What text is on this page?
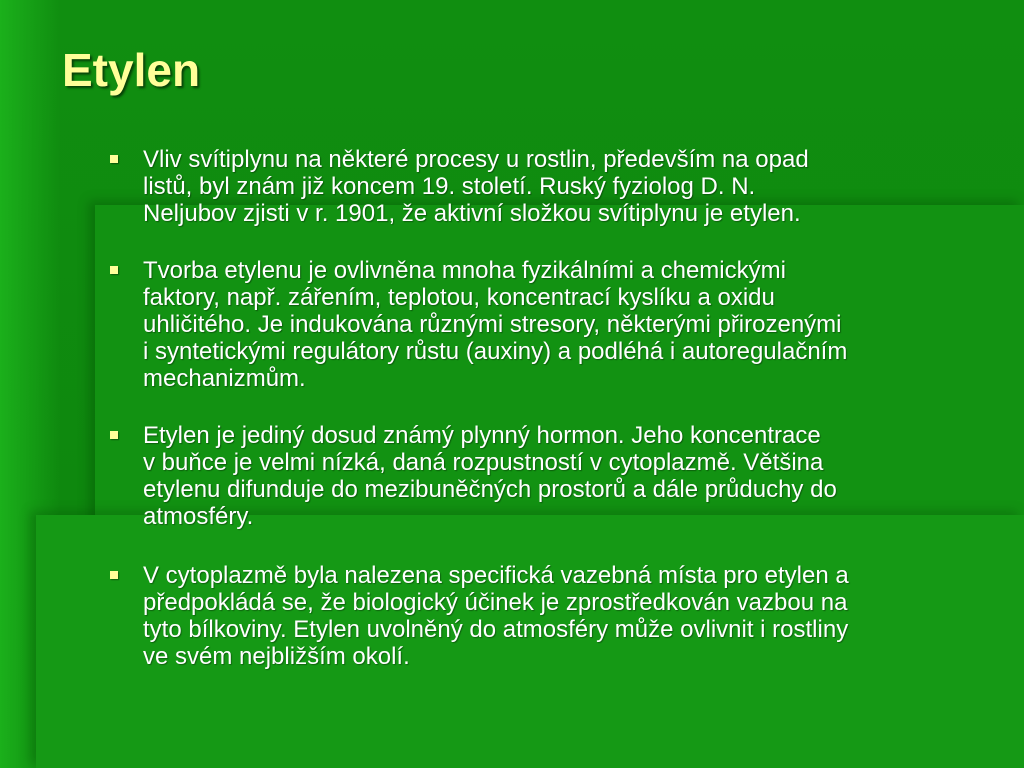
Etylen
Vliv svítiplynu na některé procesy u rostlin, především na opad
listů, byl znám již koncem 19. století. Ruský fyziolog D. N.
Neljubov zjisti v r. 1901, že aktivní složkou svítiplynu je etylen.
Tvorba etylenu je ovlivněna mnoha fyzikálními a chemickými
faktory, např. zářením, teplotou, koncentrací kyslíku a oxidu
uhličitého. Je indukována různými stresory, některými přirozenými
i syntetickými regulátory růstu (auxiny) a podléhá i autoregulačním
mechanizmům.
Etylen je jediný dosud známý plynný hormon. Jeho koncentrace
v buňce je velmi nízká, daná rozpustností v cytoplazmě. Většina
etylenu difunduje do mezibuněčných prostorů a dále průduchy do
atmosféry.
V cytoplazmě byla nalezena specifická vazebná místa pro etylen a
předpokládá se, že biologický účinek je zprostředkován vazbou na
tyto bílkoviny. Etylen uvolněný do atmosféry může ovlivnit i rostliny
ve svém nejbližším okolí.
